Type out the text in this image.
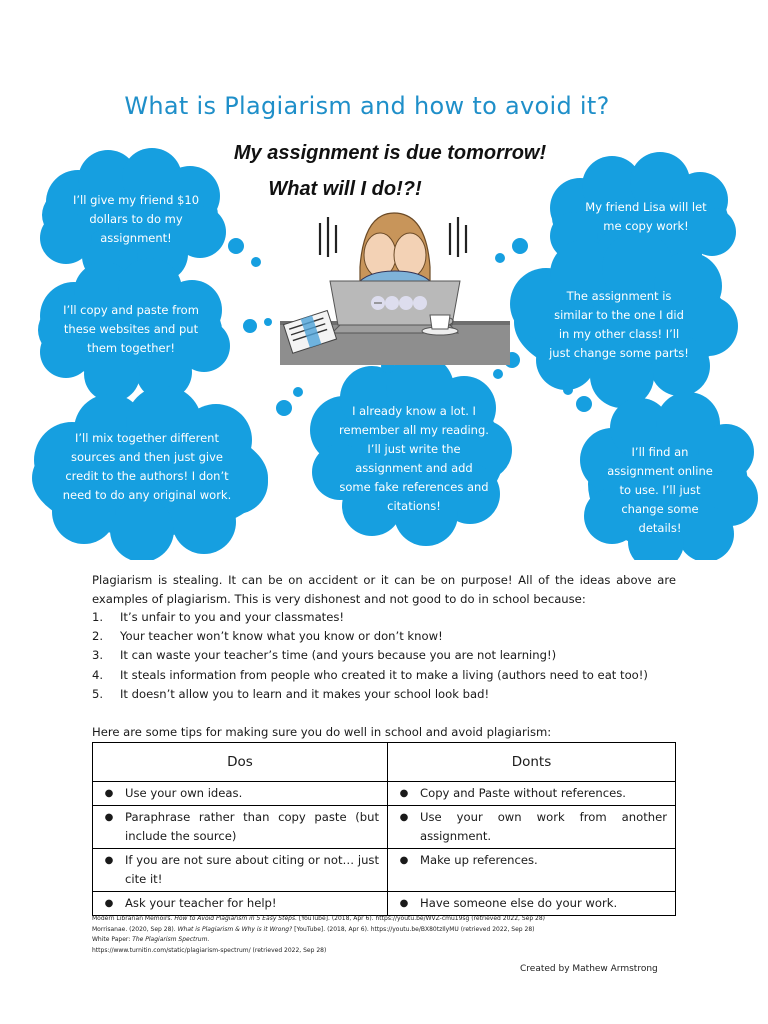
What is Plagiarism and how to avoid it?
My assignment is due tomorrow!
What will I do!?!
I’ll give my friend $10 dollars to do my assignment!
I’ll copy and paste from these websites and put them together!
I’ll mix together different sources and then just give credit to the authors! I don’t need to do any original work.
I already know a lot. I remember all my reading. I’ll just write the assignment and add some fake references and citations!
My friend Lisa will let me copy work!
The assignment is similar to the one I did in my other class! I’ll just change some parts!
I’ll find an assignment online to use. I’ll just change some details!
Plagiarism is stealing. It can be on accident or it can be on purpose! All of the ideas above are examples of plagiarism. This is very dishonest and not good to do in school because:
1. It’s unfair to you and your classmates!
2. Your teacher won’t know what you know or don’t know!
3. It can waste your teacher’s time (and yours because you are not learning!)
4. It steals information from people who created it to make a living (authors need to eat too!)
5. It doesn’t allow you to learn and it makes your school look bad!
Here are some tips for making sure you do well in school and avoid plagiarism:
Dos	Donts

● Use your own ideas.	● Copy and Paste without references.

● Paraphrase rather than copy paste (but include the source)	● Use your own work from another assignment.

● If you are not sure about citing or not… just cite it!	● Make up references.

● Ask your teacher for help!	● Have someone else do your work.
Modern Librarian Memoirs. How to Avoid Plagiarism in 5 Easy Steps. [YouTube]. (2018, Apr 6). https://youtu.be/WVZ-cmu19sg (retrieved 2022, Sep 28)
Morrisanae. (2020, Sep 28). What is Plagiarism & Why is it Wrong? [YouTube]. (2018, Apr 6). https://youtu.be/BX80tzIlyMU (retrieved 2022, Sep 28)
White Paper: The Plagiarism Spectrum.
https://www.turnitin.com/static/plagiarism-spectrum/ (retrieved 2022, Sep 28)
Created by Mathew Armstrong
